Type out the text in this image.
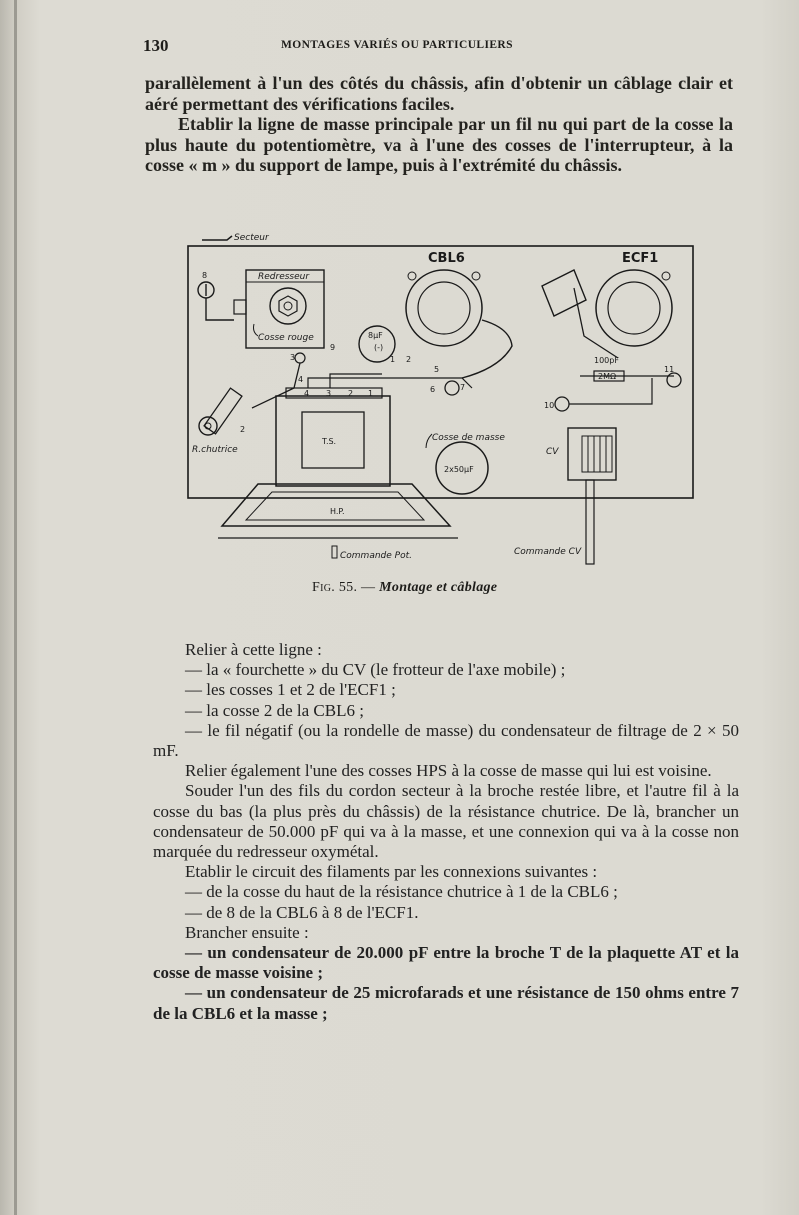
130	MONTAGES VARIÉS OU PARTICULIERS

parallèlement à l'un des côtés du châssis, afin d'obtenir un câblage clair et aéré permettant des vérifications faciles.

Etablir la ligne de masse principale par un fil nu qui part de la cosse la plus haute du potentiomètre, va à l'une des cosses de l'interrupteur, à la cosse « m » du support de lampe, puis à l'extrémité du châssis.

Secteur
Redresseur
Cosse rouge
8
CBL6
8µF
(-)
9
ECF1
100pF
2MΩ
11
10
CV
Commande CV
3
4
R.chutrice
2
T.S.
4 3 2 1
5
6	7
1 2
Cosse de masse
2x50µF
H.P.
Commande Pot.
Fig. 55. — Montage et câblage

Relier à cette ligne :

— la « fourchette » du CV (le frotteur de l'axe mobile) ;

— les cosses 1 et 2 de l'ECF1 ;

— la cosse 2 de la CBL6 ;

— le fil négatif (ou la rondelle de masse) du condensateur de filtrage de 2 × 50 mF.

Relier également l'une des cosses HPS à la cosse de masse qui lui est voisine.

Souder l'un des fils du cordon secteur à la broche restée libre, et l'autre fil à la cosse du bas (la plus près du châssis) de la résistance chutrice. De là, brancher un condensateur de 50.000 pF qui va à la masse, et une connexion qui va à la cosse non marquée du redresseur oxymétal.

Etablir le circuit des filaments par les connexions suivantes :

— de la cosse du haut de la résistance chutrice à 1 de la CBL6 ;

— de 8 de la CBL6 à 8 de l'ECF1.

Brancher ensuite :

— un condensateur de 20.000 pF entre la broche T de la plaquette AT et la cosse de masse voisine ;

— un condensateur de 25 microfarads et une résistance de 150 ohms entre 7 de la CBL6 et la masse ;
